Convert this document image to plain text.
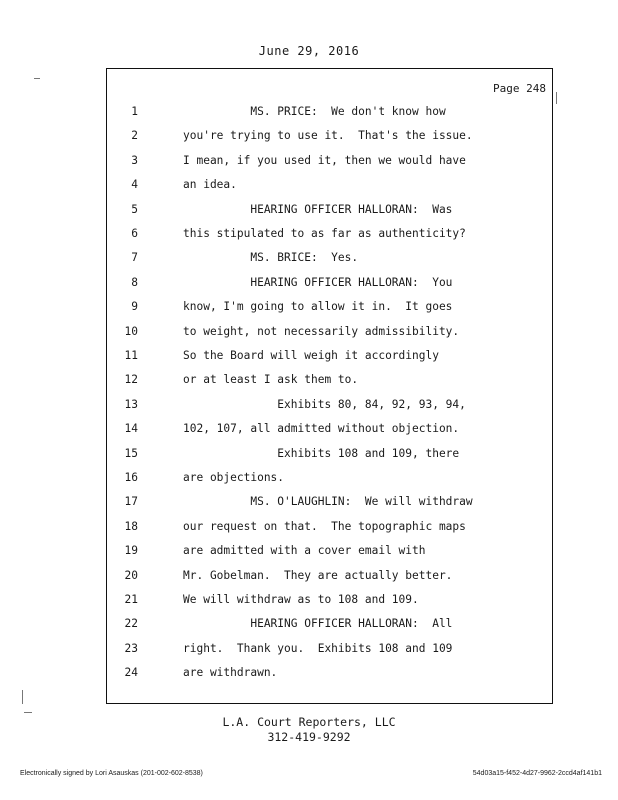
June 29, 2016
Page 248
1	MS. PRICE:  We don't know how
2	you're trying to use it.  That's the issue.
3	I mean, if you used it, then we would have
4	an idea.
5	HEARING OFFICER HALLORAN:  Was
6	this stipulated to as far as authenticity?
7	MS. BRICE:  Yes.
8	HEARING OFFICER HALLORAN:  You
9	know, I'm going to allow it in.  It goes
10	to weight, not necessarily admissibility.
11	So the Board will weigh it accordingly
12	or at least I ask them to.
13	Exhibits 80, 84, 92, 93, 94,
14	102, 107, all admitted without objection.
15	Exhibits 108 and 109, there
16	are objections.
17	MS. O'LAUGHLIN:  We will withdraw
18	our request on that.  The topographic maps
19	are admitted with a cover email with
20	Mr. Gobelman.  They are actually better.
21	We will withdraw as to 108 and 109.
22	HEARING OFFICER HALLORAN:  All
23	right.  Thank you.  Exhibits 108 and 109
24	are withdrawn.
L.A. Court Reporters, LLC
312-419-9292
Electronically signed by Lori Asauskas (201-002-602-8538)	54d03a15-f452-4d27-9962-2ccd4af141b1
